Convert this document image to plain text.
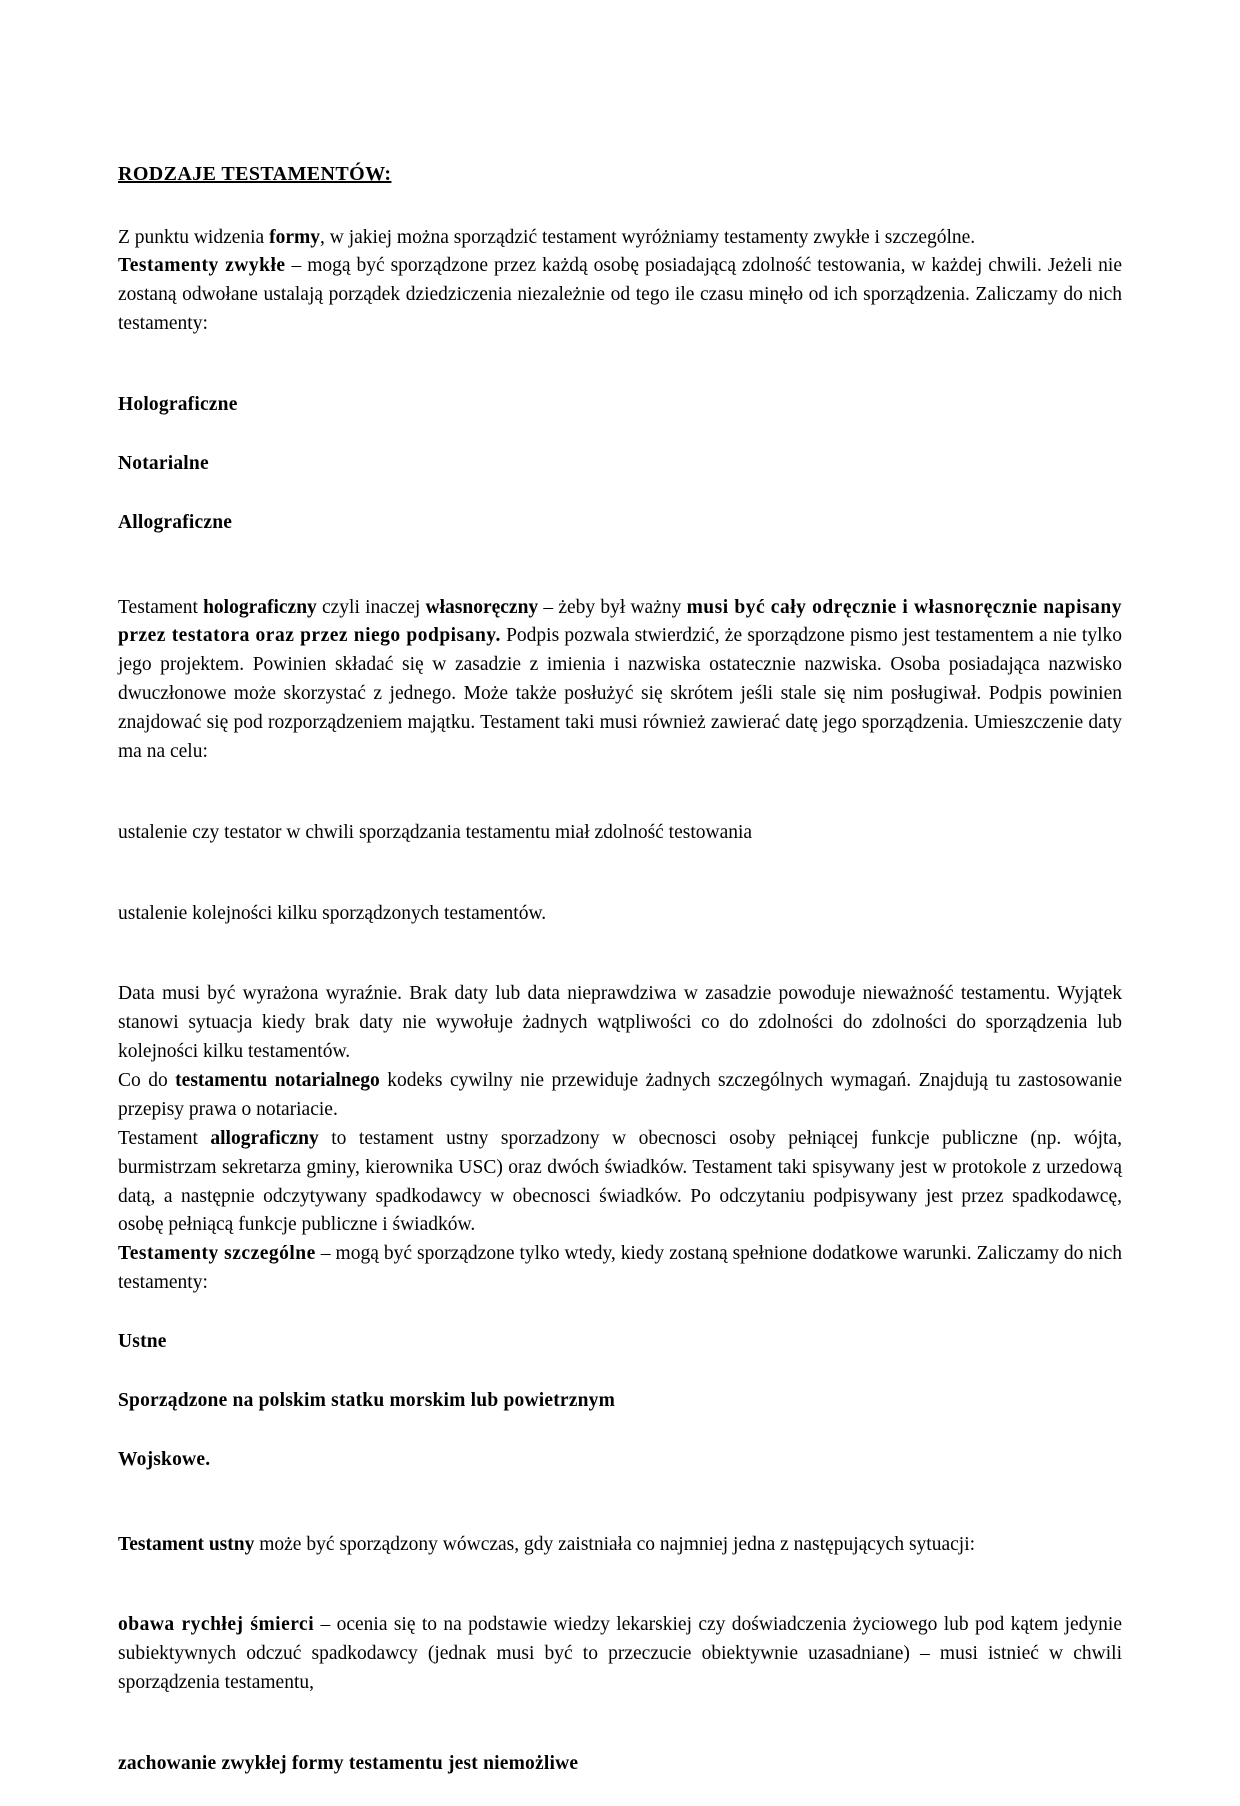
RODZAJE TESTAMENTÓW:

Z punktu widzenia formy, w jakiej można sporządzić testament wyróżniamy testamenty zwykłe i szczególne.

Testamenty zwykłe – mogą być sporządzone przez każdą osobę posiadającą zdolność testowania, w każdej chwili. Jeżeli nie zostaną odwołane ustalają porządek dziedziczenia niezależnie od tego ile czasu minęło od ich sporządzenia. Zaliczamy do nich testamenty:

Holograficzne
Notarialne
Allograficzne

Testament holograficzny czyli inaczej własnoręczny – żeby był ważny musi być cały odręcznie i własnoręcznie napisany przez testatora oraz przez niego podpisany. Podpis pozwala stwierdzić, że sporządzone pismo jest testamentem a nie tylko jego projektem. Powinien składać się w zasadzie z imienia i nazwiska ostatecznie nazwiska. Osoba posiadająca nazwisko dwuczłonowe może skorzystać z jednego. Może także posłużyć się skrótem jeśli stale się nim posługiwał. Podpis powinien znajdować się pod rozporządzeniem majątku. Testament taki musi również zawierać datę jego sporządzenia. Umieszczenie daty ma na celu:

ustalenie czy testator w chwili sporządzania testamentu miał zdolność testowania
ustalenie kolejności kilku sporządzonych testamentów.

Data musi być wyrażona wyraźnie. Brak daty lub data nieprawdziwa w zasadzie powoduje nieważność testamentu. Wyjątek stanowi sytuacja kiedy brak daty nie wywołuje żadnych wątpliwości co do zdolności do zdolności do sporządzenia lub kolejności kilku testamentów.

Co do testamentu notarialnego kodeks cywilny nie przewiduje żadnych szczególnych wymagań. Znajdują tu zastosowanie przepisy prawa o notariacie.

Testament allograficzny to testament ustny sporzadzony w obecnosci osoby pełniącej funkcje publiczne (np. wójta, burmistrzam sekretarza gminy, kierownika USC) oraz dwóch świadków. Testament taki spisywany jest w protokole z urzedową datą, a następnie odczytywany spadkodawcy w obecnosci świadków. Po odczytaniu podpisywany jest przez spadkodawcę, osobę pełniącą funkcje publiczne i świadków.

Testamenty szczególne – mogą być sporządzone tylko wtedy, kiedy zostaną spełnione dodatkowe warunki. Zaliczamy do nich testamenty:

Ustne
Sporządzone na polskim statku morskim lub powietrznym
Wojskowe.

Testament ustny może być sporządzony wówczas, gdy zaistniała co najmniej jedna z następujących sytuacji:

obawa rychłej śmierci – ocenia się to na podstawie wiedzy lekarskiej czy doświadczenia życiowego lub pod kątem jedynie subiektywnych odczuć spadkodawcy (jednak musi być to przeczucie obiektywnie uzasadniane) – musi istnieć w chwili sporządzenia testamentu,

zachowanie zwykłej formy testamentu jest niemożliwe
